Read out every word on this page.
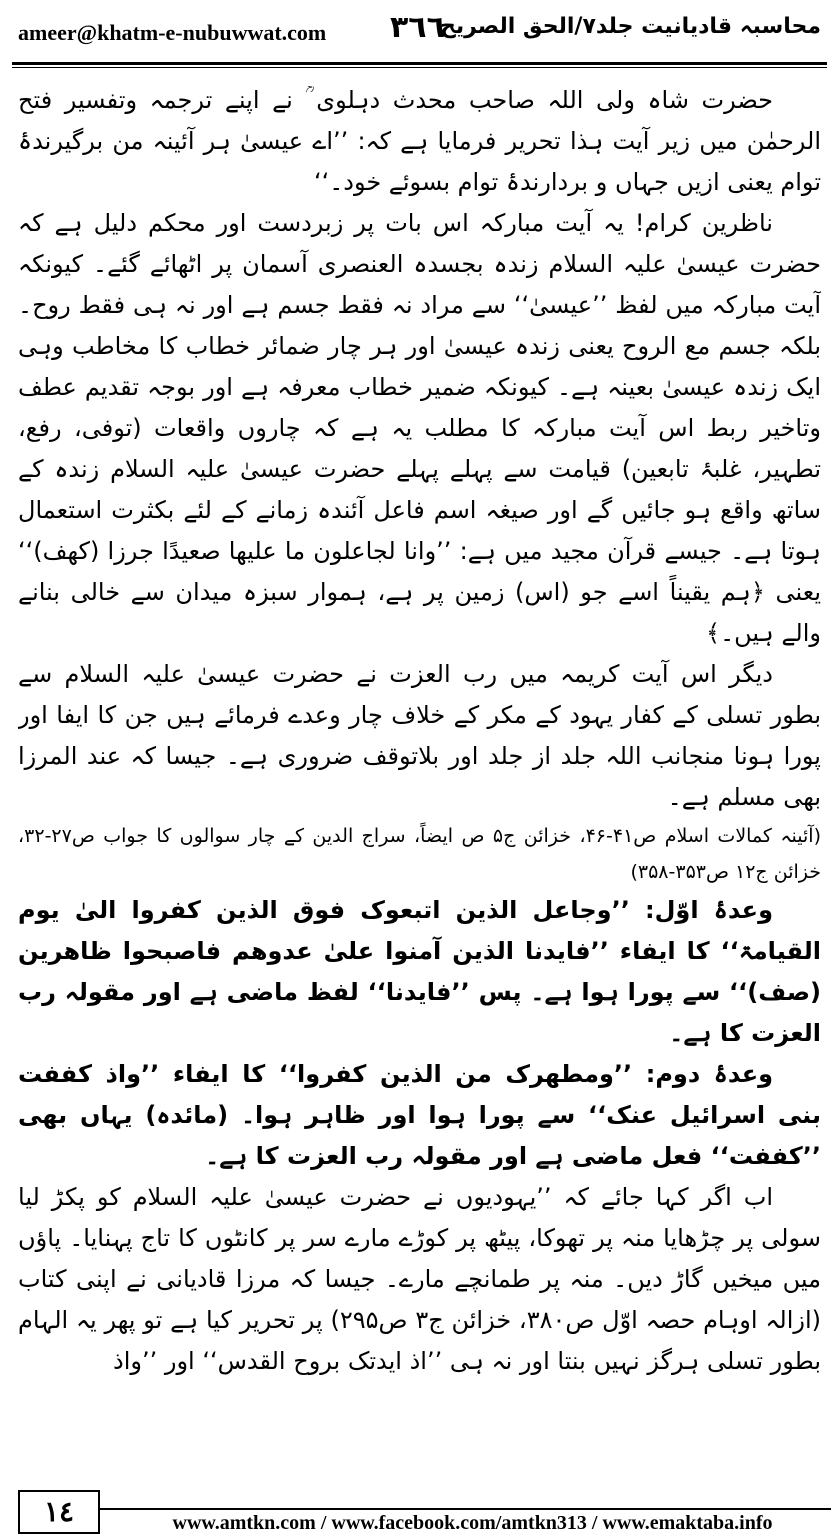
ameer@khatm-e-nubuwwat.com ٣٦٦
محاسبہ قادیانیت جلد۷/الحق الصریح

حضرت شاہ ولی اللہ صاحب محدث دہلوی ؒ نے اپنے ترجمہ وتفسیر فتح الرحمٰن میں زیر آیت ہذا تحریر فرمایا ہے کہ: ’’اے عیسیٰ ہر آئینہ من برگیرندۂ توام یعنی ازیں جہاں و بردارندۂ توام بسوئے خود۔‘‘

ناظرین کرام! یہ آیت مبارکہ اس بات پر زبردست اور محکم دلیل ہے کہ حضرت عیسیٰ علیہ السلام زندہ بجسدہ العنصری آسمان پر اٹھائے گئے۔ کیونکہ آیت مبارکہ میں لفظ ’’عیسیٰ‘‘ سے مراد نہ فقط جسم ہے اور نہ ہی فقط روح۔ بلکہ جسم مع الروح یعنی زندہ عیسیٰ اور ہر چار ضمائر خطاب کا مخاطب وہی ایک زندہ عیسیٰ بعینہ ہے۔ کیونکہ ضمیر خطاب معرفہ ہے اور بوجہ تقدیم عطف وتاخیر ربط اس آیت مبارکہ کا مطلب یہ ہے کہ چاروں واقعات (توفی، رفع، تطہیر، غلبۂ تابعین) قیامت سے پہلے پہلے حضرت عیسیٰ علیہ السلام زندہ کے ساتھ واقع ہو جائیں گے اور صیغہ اسم فاعل آئندہ زمانے کے لئے بکثرت استعمال ہوتا ہے۔ جیسے قرآن مجید میں ہے: ’’وانا لجاعلون ما علیھا صعیدًا جرزا (کھف)‘‘ یعنی ﴿ہم یقیناً اسے جو (اس) زمین پر ہے، ہموار سبزہ میدان سے خالی بنانے والے ہیں۔﴾

دیگر اس آیت کریمہ میں رب العزت نے حضرت عیسیٰ علیہ السلام سے بطور تسلی کے کفار یہود کے مکر کے خلاف چار وعدے فرمائے ہیں جن کا ایفا اور پورا ہونا منجانب اللہ جلد از جلد اور بلاتوقف ضروری ہے۔ جیسا کہ عند المرزا بھی مسلم ہے۔

(آئینہ کمالات اسلام ص۴۱-۴۶، خزائن ج۵ ص ایضاً، سراج الدین کے چار سوالوں کا جواب ص۲۷-۳۲، خزائن ج۱۲ ص۳۵۳-۳۵۸)

وعدۂ اوّل: ’’وجاعل الذین اتبعوک فوق الذین کفروا الیٰ یوم القیامۃ‘‘ کا ایفاء ’’فایدنا الذین آمنوا علیٰ عدوھم فاصبحوا ظاھرین (صف)‘‘ سے پورا ہوا ہے۔ پس ’’فایدنا‘‘ لفظ ماضی ہے اور مقولہ رب العزت کا ہے۔

وعدۂ دوم: ’’ومطھرک من الذین کفروا‘‘ کا ایفاء ’’واذ کففت بنی اسرائیل عنک‘‘ سے پورا ہوا اور ظاہر ہوا۔ (مائدہ) یہاں بھی ’’کففت‘‘ فعل ماضی ہے اور مقولہ رب العزت کا ہے۔

اب اگر کہا جائے کہ ’’یہودیوں نے حضرت عیسیٰ علیہ السلام کو پکڑ لیا سولی پر چڑھایا منہ پر تھوکا، پیٹھ پر کوڑے مارے سر پر کانٹوں کا تاج پہنایا۔ پاؤں میں میخیں گاڑ دیں۔ منہ پر طمانچے مارے۔ جیسا کہ مرزا قادیانی نے اپنی کتاب (ازالہ اوہام حصہ اوّل ص۳۸۰، خزائن ج۳ ص۲۹۵) پر تحریر کیا ہے تو پھر یہ الہام بطور تسلی ہرگز نہیں بنتا اور نہ ہی ’’اذ ایدتک بروح القدس‘‘ اور ’’واذ

١٤	www.amtkn.com / www.facebook.com/amtkn313 / www.emaktaba.info
